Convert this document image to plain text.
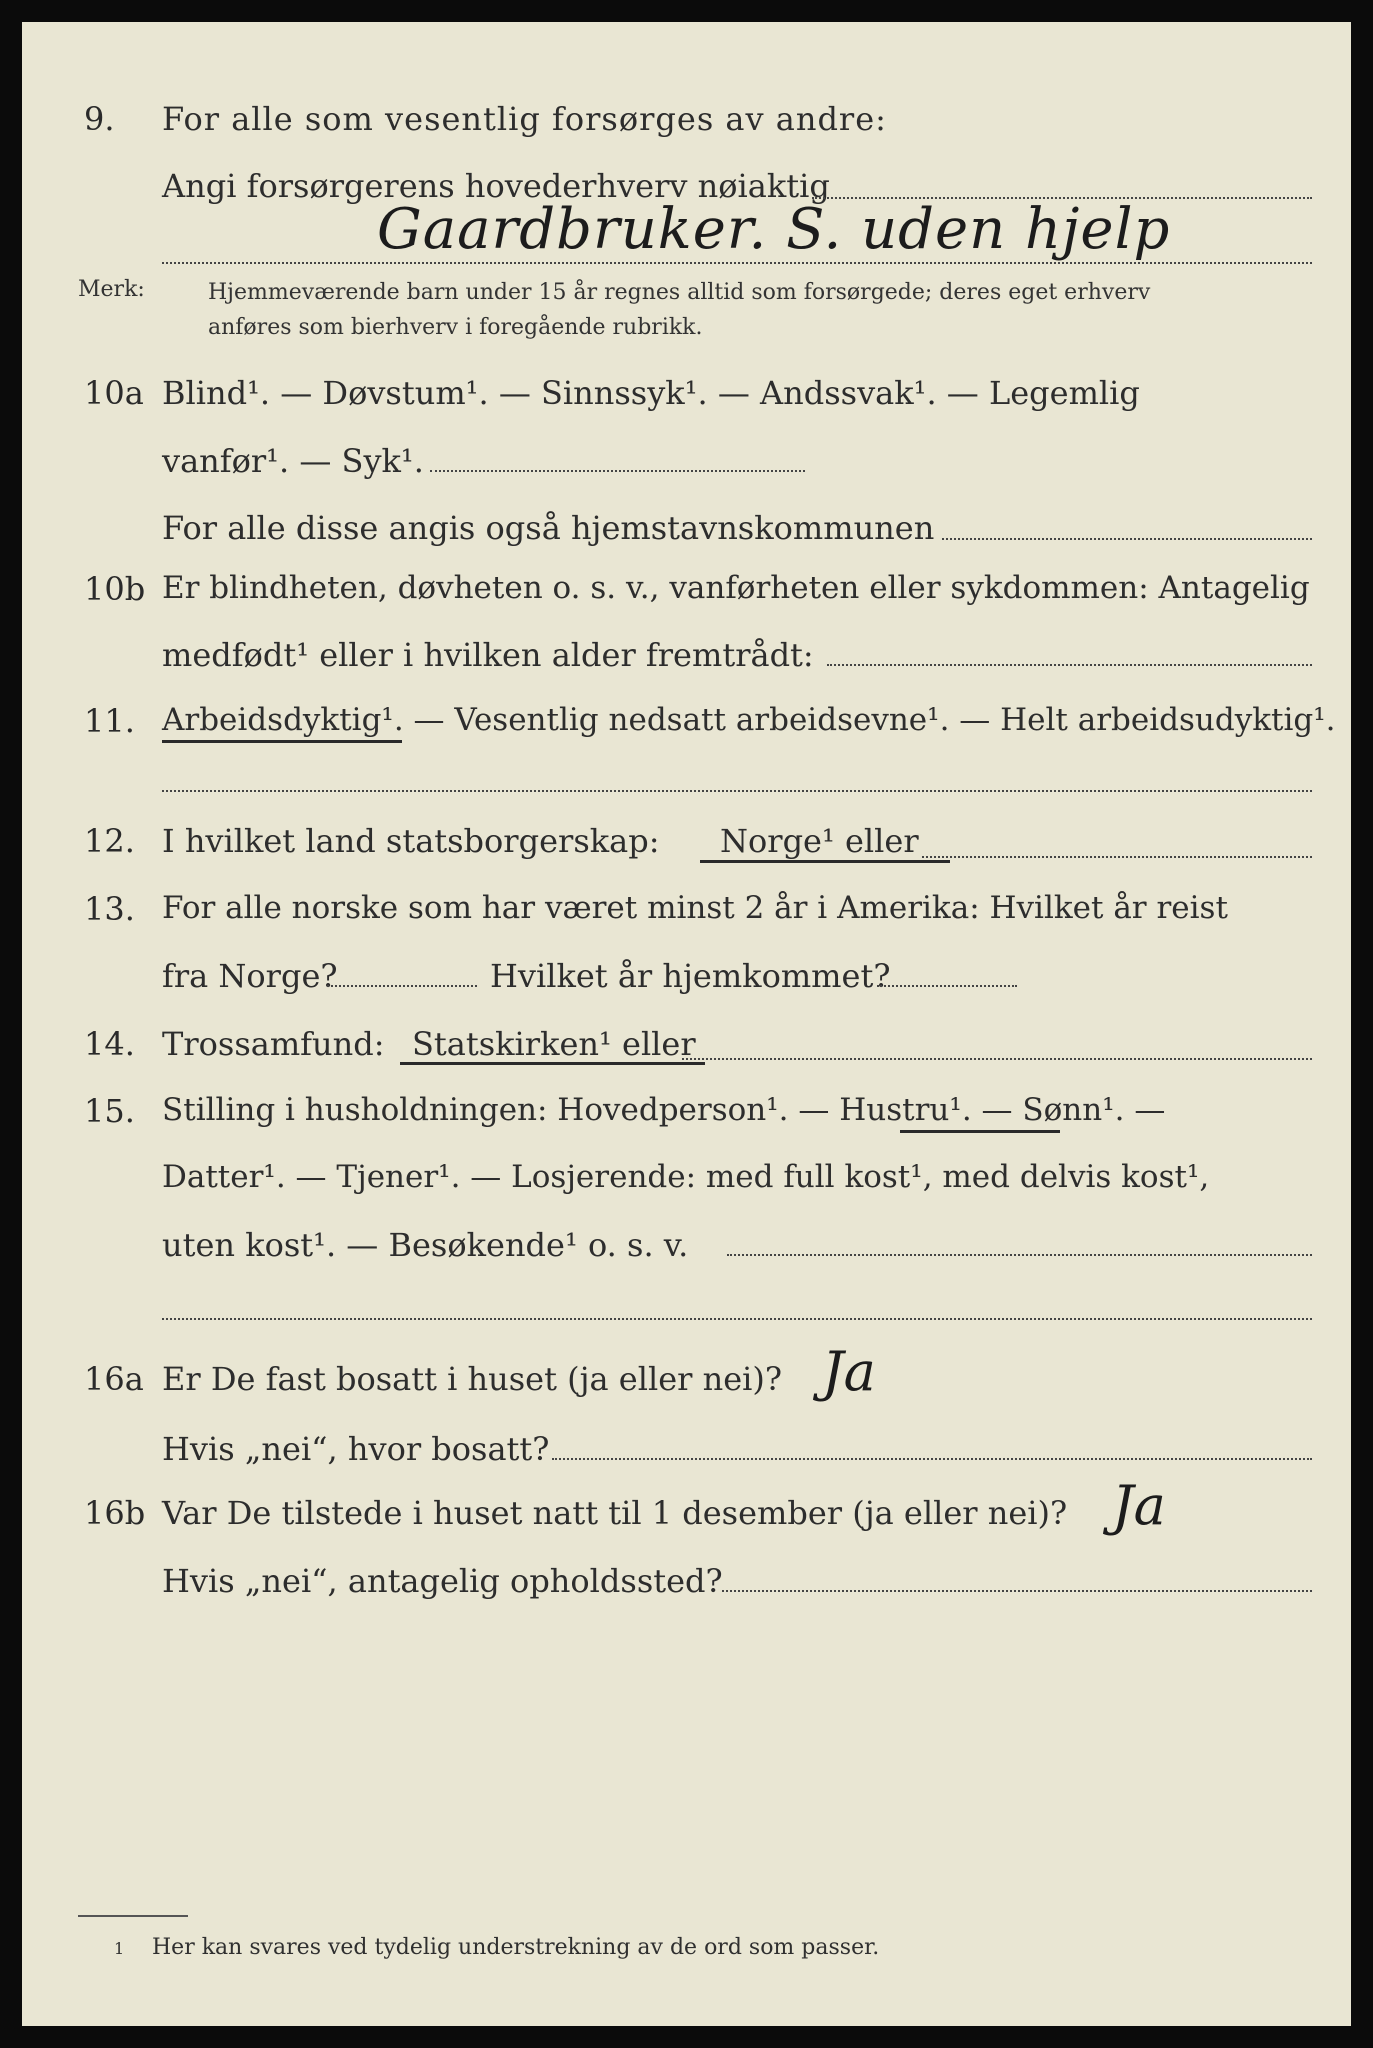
9. For alle som vesentlig forsørges av andre:
Angi forsørgerens hovederhverv nøiaktig
Gaardbruker. S. uden hjelp
Merk:	Hjemmeværende barn under 15 år regnes alltid som forsørgede; deres eget erhverv
anføres som bierhverv i foregående rubrikk.
10a Blind¹. — Døvstum¹. — Sinnssyk¹. — Andssvak¹. — Legemlig
vanfør¹. — Syk¹.
For alle disse angis også hjemstavnskommunen
10b Er blindheten, døvheten o. s. v., vanførheten eller sykdommen: Antagelig
medfødt¹ eller i hvilken alder fremtrådt:
11. Arbeidsdyktig¹. — Vesentlig nedsatt arbeidsevne¹. — Helt arbeidsudyktig¹.
12. I hvilket land statsborgerskap: Norge¹ eller
13. For alle norske som har været minst 2 år i Amerika: Hvilket år reist
fra Norge?	Hvilket år hjemkommet?
14. Trossamfund: Statskirken¹ eller
15. Stilling i husholdningen: Hovedperson¹. — Hustru¹. — Sønn¹. —
Datter¹. — Tjener¹. — Losjerende: med full kost¹, med delvis kost¹,
uten kost¹. — Besøkende¹ o. s. v.
16a Er De fast bosatt i huset (ja eller nei)? Ja
Hvis „nei“, hvor bosatt?
16b Var De tilstede i huset natt til 1 desember (ja eller nei)? Ja
Hvis „nei“, antagelig opholdssted?
1 Her kan svares ved tydelig understrekning av de ord som passer.
